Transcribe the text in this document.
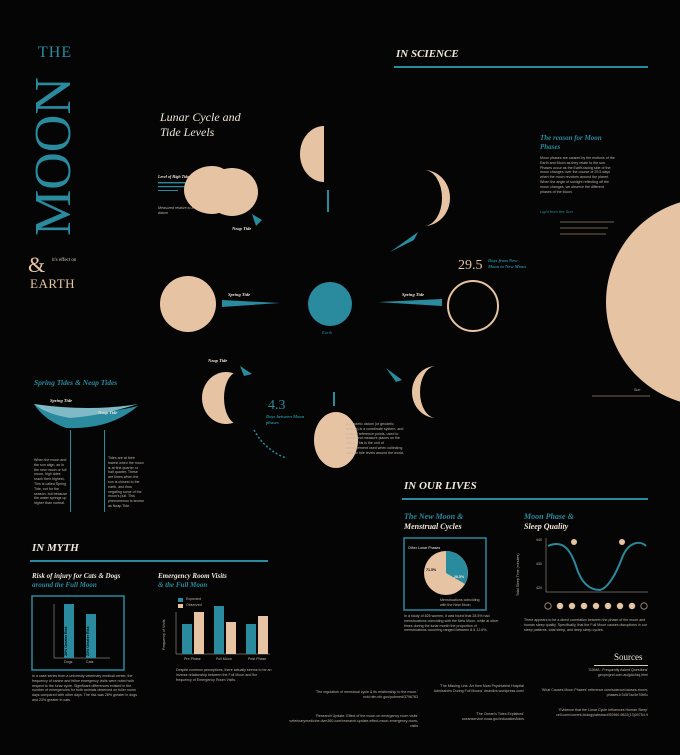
THE
MOON
& it's effect on
EARTH
IN SCIENCE
Lunar Cycle and Tide Levels
Level of High Tide
Measured relative to a datum
Neap Tide
Spring Tide	Spring Tide
Neap Tide
Earth
29.5 Days from New Moon to New Moon
4.3
Days between Moon phases	A geodetic datum (or geodetic system) is a coordinate system, and a set of reference points, used to locate and measure places on the Earth. This is the unit of measurement used when collecting data on tide levels around the world.
The reason for Moon Phases
Moon phases are caused by the motions of the Earth and Moon as they relate to the sun. Phases occur as the Earth-facing side of the moon changes over the course of 29.5 days when the moon revolves around the planet. When the angle of sunlight reflecting off the moon changes, we observe the different phases of the Moon.
Light from the Sun
Sun
Spring Tides & Neap Tides
Spring Tide
Neap Tide
When the moon and the sun align, as in the new moon or full moon, high tides reach their highest. This is called Spring Tide, not for the season, but because the water springs up higher than normal.
Tides are at their lowest when the moon is at first quarter or half quarter. These are times when the sun is closest to the earth, and thus negating some of the moon's pull. This phenomenon is known as Neap Tide.
IN OUR LIVES
The New Moon &
Menstrual Cycles
Other Lunar Phases
71.5%
28.5%
Menstruations coinciding with the New Moon
In a study of 826 women, it was found that 28.5% had menstruations coinciding with the New Moon, while at other times during the lunar month the proportion of menstruations occurring ranged between 8.5-12.6%.
Moon Phase &
Sleep Quality
Total Sleep Time (minutes)
440
430
420
There appears to be a direct correlation between the phase of the moon and human sleep quality. Specifically, that the Full Moon causes disruptions in our sleep patterns, total sleep, and deep sleep cycles.
IN MYTH
Risk of injury for Cats & Dogs
around the Full Moon
28% Greater Risk	23% Greater Risk
Dogs	Cats
In a case series from a university veterinary medical center, the frequency of canine and feline emergency visits were noted with respect to the lunar cycle. Significant differences existed in the number of emergencies for both animals observed on fuller moon days compared with other days. The risk was 28% greater in dogs and 23% greater in cats.
Emergency Room Visits
& the Full Moon
Expected
Observed
Frequency of Visits
Pre Phase	Full Moon	Post Phase
Despite common perceptions, there actually seems to be an inverse relationship between the Full Moon and the frequency of Emergency Room Visits.
Sources
'GDMA : Frequently Asked Questions' geoproject.com.au/gdc/faq.html
'What Causes Moon Phases' reference.com/science/causes-moon-phases-b7d3f7ac5e70b0c
'Evidence that the Lunar Cycle Influences Human Sleep' cell.com/current-biology/abstract/S0960-9822(13)00754-9
'The Missing Link: Art then Most Psychiatrist Hospital Admissions During Full Moons' drravikrs.wordpress.com/
'The Ocean's Tides Explained' oceanservice.noaa.gov/education/tides
'The regulation of menstrual cycle & its relationship to the moon.' ncbi.nlm.nih.gov/pubmed/3796783
'Research Update: Effect of the moon on emergency room visits' veterinarymedicine.dvm360.com/research-update-effect-moon-emergency-room-visits
